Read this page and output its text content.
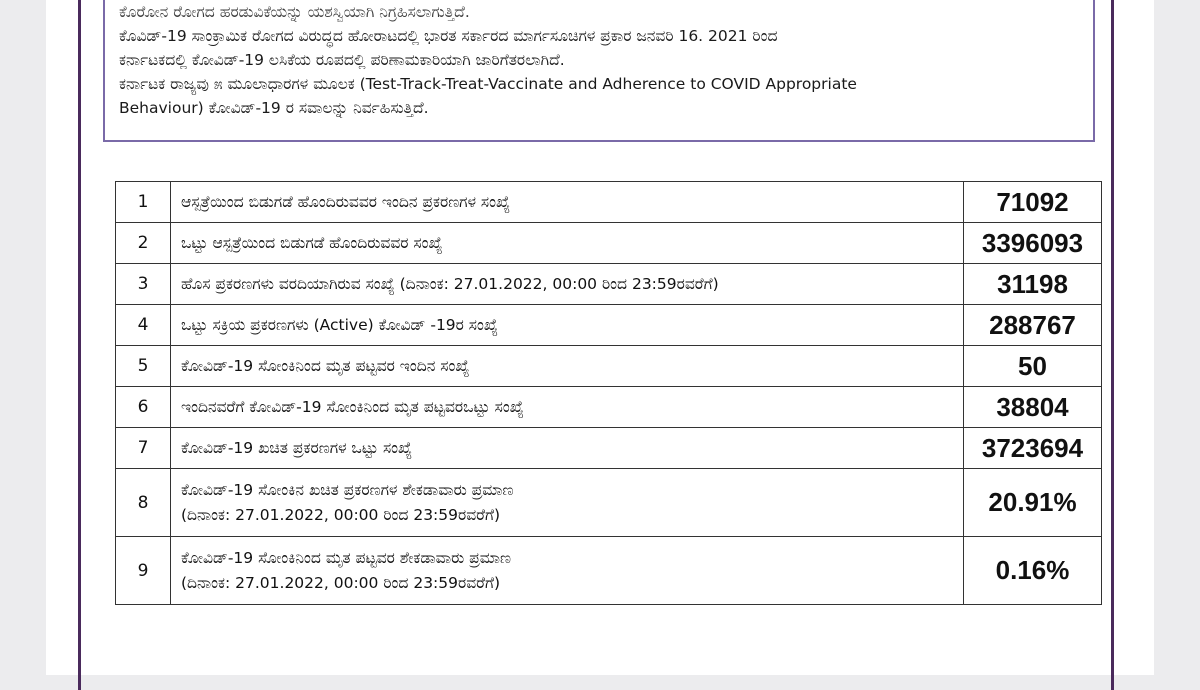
ಕೊರೋನ ರೋಗದ ಹರಡುವಿಕೆಯನ್ನು ಯಶಸ್ವಿಯಾಗಿ ನಿಗ್ರಹಿಸಲಾಗುತ್ತಿದೆ.

ಕೊವಿಡ್-19 ಸಾಂಕ್ರಾಮಿಕ ರೋಗದ ವಿರುದ್ಧದ ಹೋರಾಟದಲ್ಲಿ ಭಾರತ ಸರ್ಕಾರದ ಮಾರ್ಗಸೂಚಿಗಳ ಪ್ರಕಾರ ಜನವರಿ 16. 2021 ರಿಂದ

ಕರ್ನಾಟಕದಲ್ಲಿ ಕೋವಿಡ್-19 ಲಸಿಕೆಯ ರೂಪದಲ್ಲಿ ಪರಿಣಾಮಕಾರಿಯಾಗಿ ಜಾರಿಗೆತರಲಾಗಿದೆ.

ಕರ್ನಾಟಕ ರಾಜ್ಯವು ೫ ಮೂಲಾಧಾರಗಳ ಮೂಲಕ (Test-Track-Treat-Vaccinate and Adherence to COVID Appropriate

Behaviour) ಕೋವಿಡ್-19 ರ ಸವಾಲನ್ನು ನಿರ್ವಹಿಸುತ್ತಿದೆ.

1	ಆಸ್ಪತ್ರೆಯಿಂದ ಬಿಡುಗಡೆ ಹೊಂದಿರುವವರ ಇಂದಿನ ಪ್ರಕರಣಗಳ ಸಂಖ್ಯೆ	71092
2	ಒಟ್ಟು ಆಸ್ಪತ್ರೆಯಿಂದ ಬಿಡುಗಡೆ ಹೊಂದಿರುವವರ ಸಂಖ್ಯೆ	3396093
3	ಹೊಸ ಪ್ರಕರಣಗಳು ವರದಿಯಾಗಿರುವ ಸಂಖ್ಯೆ (ದಿನಾಂಕ: 27.01.2022, 00:00 ರಿಂದ 23:59ರವರೆಗೆ)	31198
4	ಒಟ್ಟು ಸಕ್ರಿಯ ಪ್ರಕರಣಗಳು (Active) ಕೋವಿಡ್ -19ರ ಸಂಖ್ಯೆ	288767
5	ಕೋವಿಡ್-19 ಸೋಂಕಿನಿಂದ ಮೃತ ಪಟ್ಟವರ ಇಂದಿನ ಸಂಖ್ಯೆ	50
6	ಇಂದಿನವರೆಗೆ ಕೋವಿಡ್-19 ಸೋಂಕಿನಿಂದ ಮೃತ ಪಟ್ಟವರಒಟ್ಟು ಸಂಖ್ಯೆ	38804
7	ಕೋವಿಡ್-19 ಖಚಿತ ಪ್ರಕರಣಗಳ ಒಟ್ಟು ಸಂಖ್ಯೆ	3723694
8	ಕೋವಿಡ್-19 ಸೋಂಕಿನ ಖಚಿತ ಪ್ರಕರಣಗಳ ಶೇಕಡಾವಾರು ಪ್ರಮಾಣ
(ದಿನಾಂಕ: 27.01.2022, 00:00 ರಿಂದ 23:59ರವರೆಗೆ)	20.91%
9	ಕೋವಿಡ್-19 ಸೋಂಕಿನಿಂದ ಮೃತ ಪಟ್ಟವರ ಶೇಕಡಾವಾರು ಪ್ರಮಾಣ
(ದಿನಾಂಕ: 27.01.2022, 00:00 ರಿಂದ 23:59ರವರೆಗೆ)	0.16%
